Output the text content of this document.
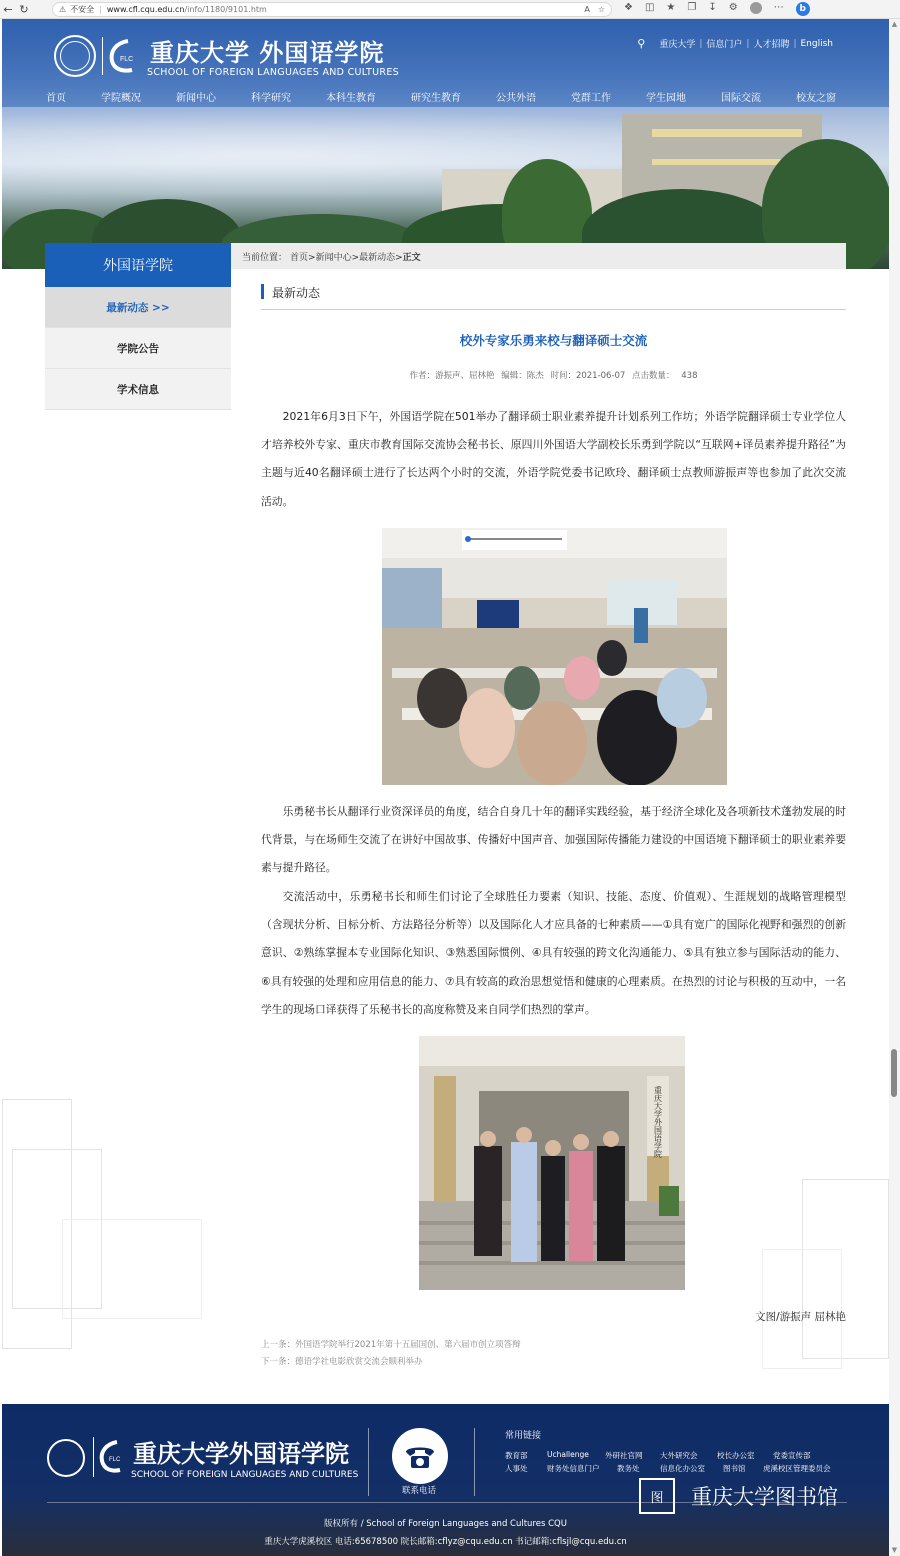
← ↻	⚠ 不安全 | www.cfl.cqu.edu.cn /info/1180/9101.htm	A ☆ ❖ ◫ ★ ❐ ↧ ⚙	⋯	b
FLC 重庆大学 外国语学院
SCHOOL OF FOREIGN LANGUAGES AND CULTURES
⚲	重庆大学 | 信息门户 | 人才招聘 | English
首页	学院概况	新闻中心	科学研究	本科生教育	研究生教育	公共外语	党群工作	学生园地	国际交流	校友之窗
外国语学院
最新动态 >>
学院公告
学术信息
当前位置： 首页> 新闻中心> 最新动态> 正文
最新动态
校外专家乐勇来校与翻译硕士交流
作者：游振声、屈林艳 编辑：陈杰 时间：2021-06-07 点击数量： 438
2021年6月3日下午，外国语学院在501举办了翻译硕士职业素养提升计划系列工作坊；外语学院翻译硕士专业学位人才培养校外专家、重庆市教育国际交流协会秘书长、原四川外国语大学副校长乐勇到学院以“互联网+译员素养提升路径”为主题与近40名翻译硕士进行了长达两个小时的交流，外语学院党委书记欧玲、翻译硕士点教师游振声等也参加了此次交流活动。
乐勇秘书长从翻译行业资深译员的角度，结合自身几十年的翻译实践经验，基于经济全球化及各项新技术蓬勃发展的时代背景，与在场师生交流了在讲好中国故事、传播好中国声音、加强国际传播能力建设的中国语境下翻译硕士的职业素养要素与提升路径。
交流活动中，乐勇秘书长和师生们讨论了全球胜任力要素（知识、技能、态度、价值观）、生涯规划的战略管理模型（含现状分析、目标分析、方法路径分析等）以及国际化人才应具备的七种素质——①具有宽广的国际化视野和强烈的创新意识、②熟练掌握本专业国际化知识、③熟悉国际惯例、④具有较强的跨文化沟通能力、⑤具有独立参与国际活动的能力、⑥具有较强的处理和应用信息的能力、⑦具有较高的政治思想觉悟和健康的心理素质。在热烈的讨论与积极的互动中，一名学生的现场口译获得了乐秘书长的高度称赞及来自同学们热烈的掌声。
重庆大学外国语学院
文图/游振声 屈林艳
上一条：外国语学院举行2021年第十五届国创、第六届市创立项答辩
下一条：德语学社电影欣赏交流会顺利举办
FLC 重庆大学外国语学院
SCHOOL OF FOREIGN LANGUAGES AND CULTURES
联系电话
常用链接
教育部	Uchallenge 外研社官网 大外研究会	校长办公室 党委宣传部
人事处	财务处信息门户 教务处	信息化办公室 图书馆 虎溪校区管理委员会
图	重庆大学图书馆
版权所有 / School of Foreign Languages and Cultures CQU
重庆大学虎溪校区 电话:65678500 院长邮箱:cflyz@cqu.edu.cn 书记邮箱:cflsjl@cqu.edu.cn
▲
▼
